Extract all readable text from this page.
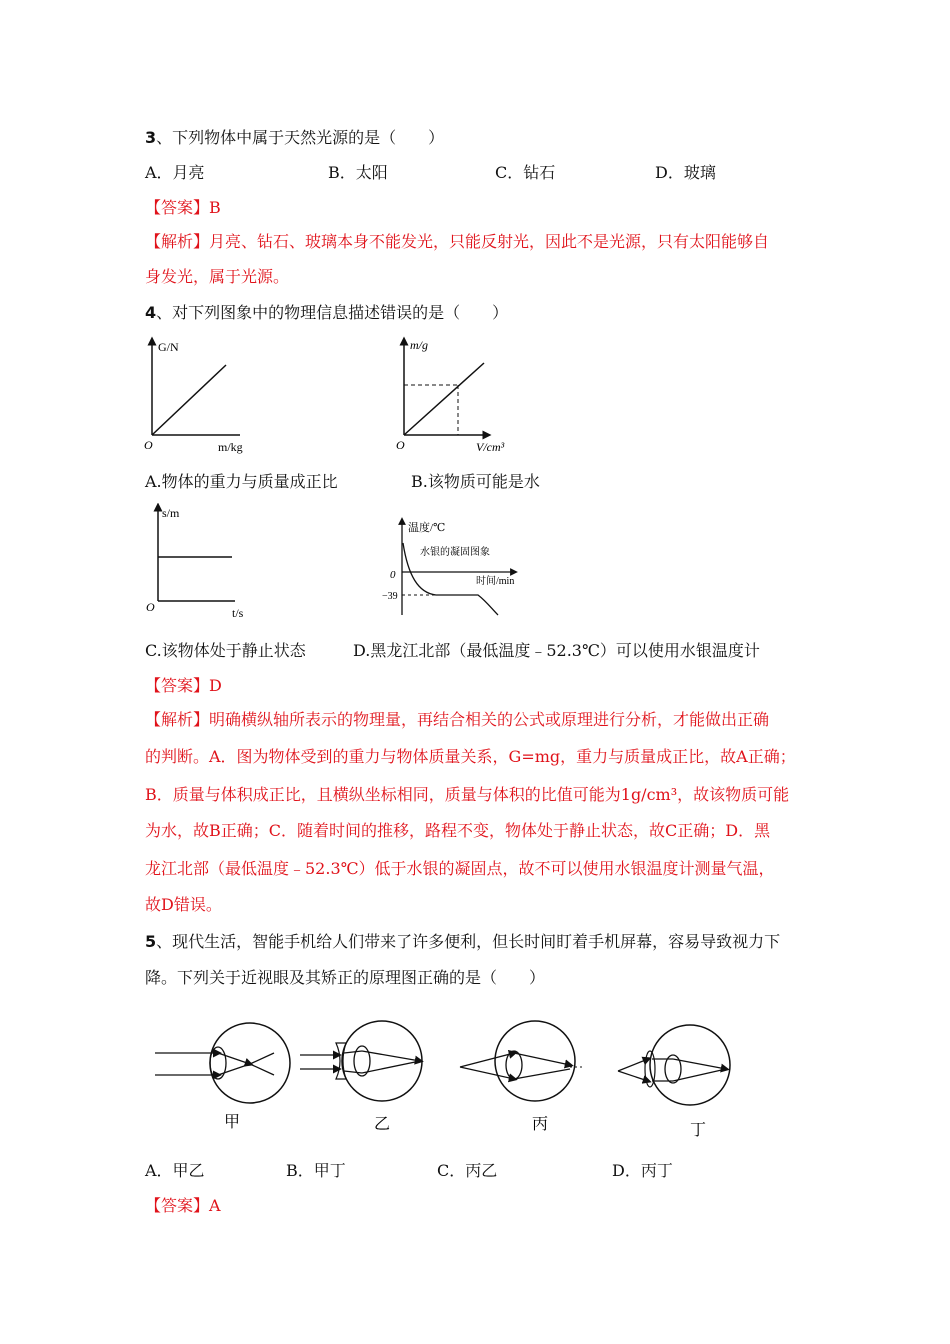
3、下列物体中属于天然光源的是（　　）
A．月亮	B．太阳	C．钻石	D．玻璃
【答案】B
【解析】月亮、钻石、玻璃本身不能发光，只能反射光，因此不是光源，只有太阳能够自
身发光，属于光源。
4、对下列图象中的物理信息描述错误的是（　　）
G/N
O	m/kg
m/g
O	V/cm³
A.物体的重力与质量成正比	B.该物质可能是水
s/m
O	t/s
温度/℃
水银的凝固图象
0
时间/min
−39
C.该物体处于静止状态	D.黑龙江北部（最低温度﹣52.3℃）可以使用水银温度计
【答案】D
【解析】明确横纵轴所表示的物理量，再结合相关的公式或原理进行分析，才能做出正确
的判断。A．图为物体受到的重力与物体质量关系，G=mg，重力与质量成正比，故A正确；
B．质量与体积成正比，且横纵坐标相同，质量与体积的比值可能为1g/cm³，故该物质可能
为水，故B正确；C．随着时间的推移，路程不变，物体处于静止状态，故C正确；D．黑
龙江北部（最低温度﹣52.3℃）低于水银的凝固点，故不可以使用水银温度计测量气温，
故D错误。
5、现代生活，智能手机给人们带来了许多便利，但长时间盯着手机屏幕，容易导致视力下
降。下列关于近视眼及其矫正的原理图正确的是（　　）
甲	乙	丙	丁
A．甲乙	B．甲丁	C．丙乙	D．丙丁
【答案】A
